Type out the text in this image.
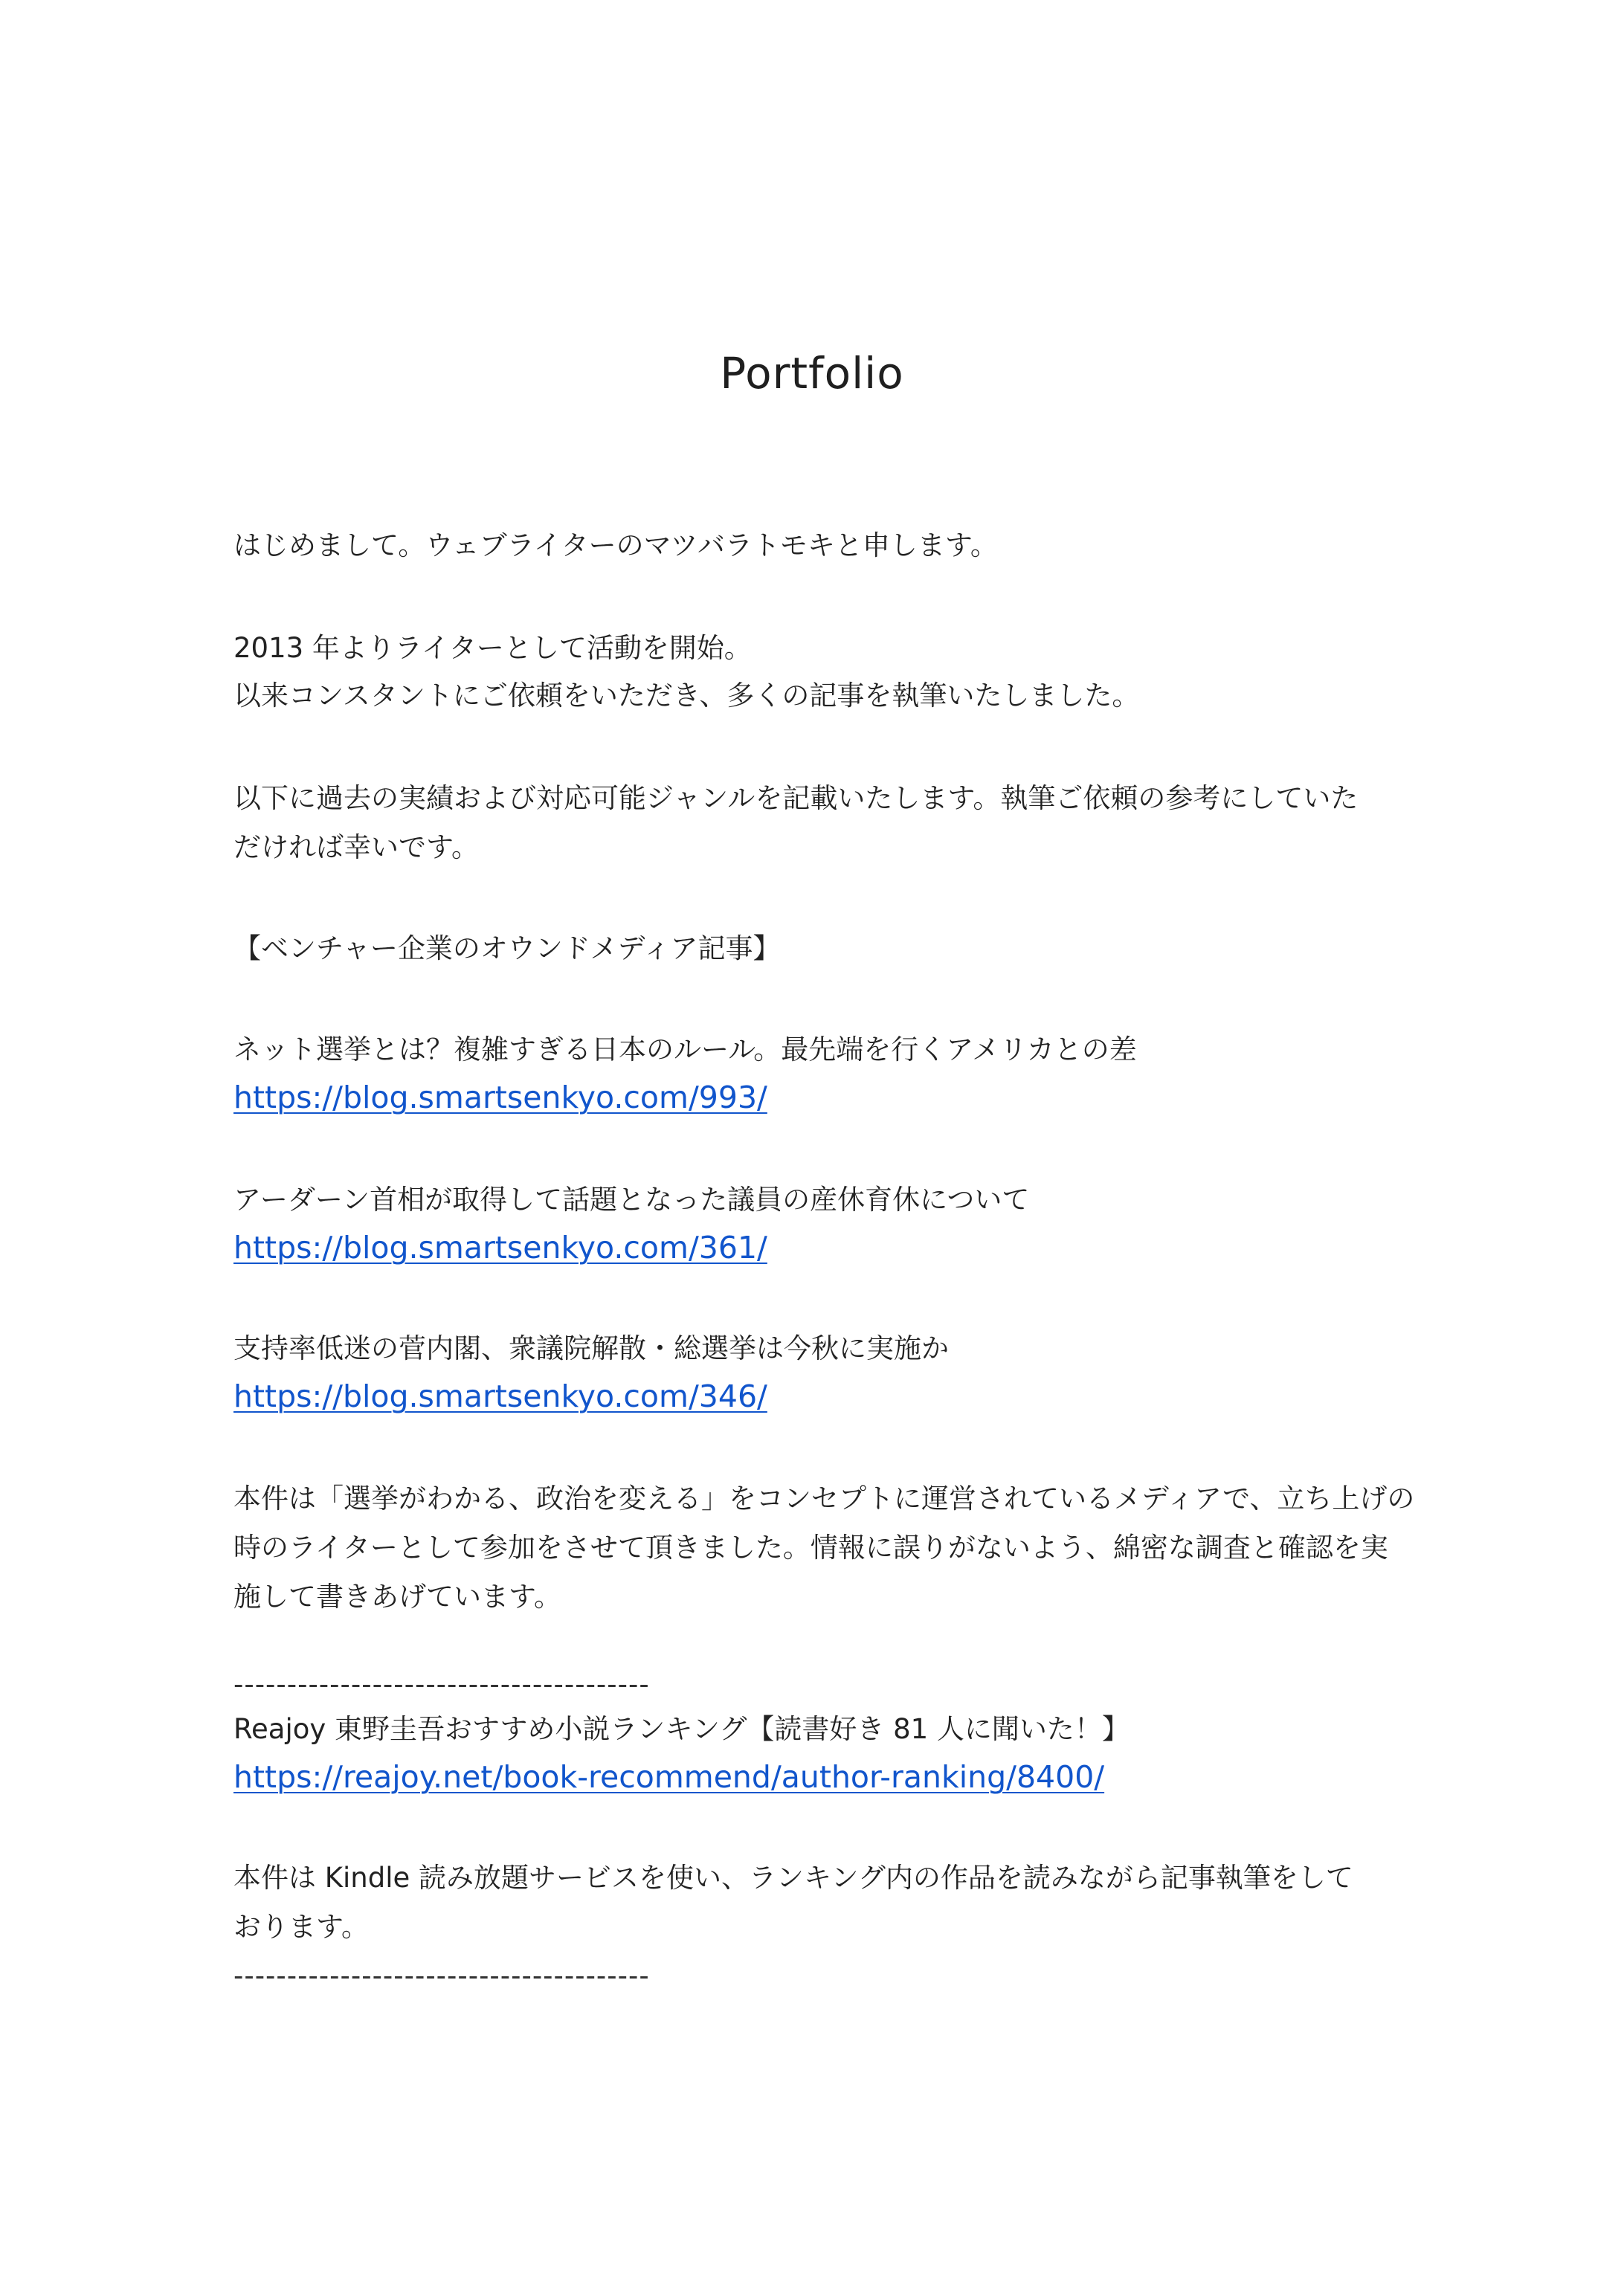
Portfolio

はじめまして。ウェブライターのマツバラトモキと申します。

2013 年よりライターとして活動を開始。

以来コンスタントにご依頼をいただき、多くの記事を執筆いたしました。

以下に過去の実績および対応可能ジャンルを記載いたします。執筆ご依頼の参考にしていた

だければ幸いです。

【ベンチャー企業のオウンドメディア記事】

ネット選挙とは？複雑すぎる日本のルール。最先端を行くアメリカとの差

https://blog.smartsenkyo.com/993/

アーダーン首相が取得して話題となった議員の産休育休について

https://blog.smartsenkyo.com/361/

支持率低迷の菅内閣、衆議院解散・総選挙は今秋に実施か

https://blog.smartsenkyo.com/346/

本件は「選挙がわかる、政治を変える」をコンセプトに運営されているメディアで、立ち上げの

時のライターとして参加をさせて頂きました。情報に誤りがないよう、綿密な調査と確認を実

施して書きあげています。

---------------------------------------

Reajoy 東野圭吾おすすめ小説ランキング【読書好き 81 人に聞いた！】

https://reajoy.net/book-recommend/author-ranking/8400/

本件は Kindle 読み放題サービスを使い、ランキング内の作品を読みながら記事執筆をして

おります。

---------------------------------------
